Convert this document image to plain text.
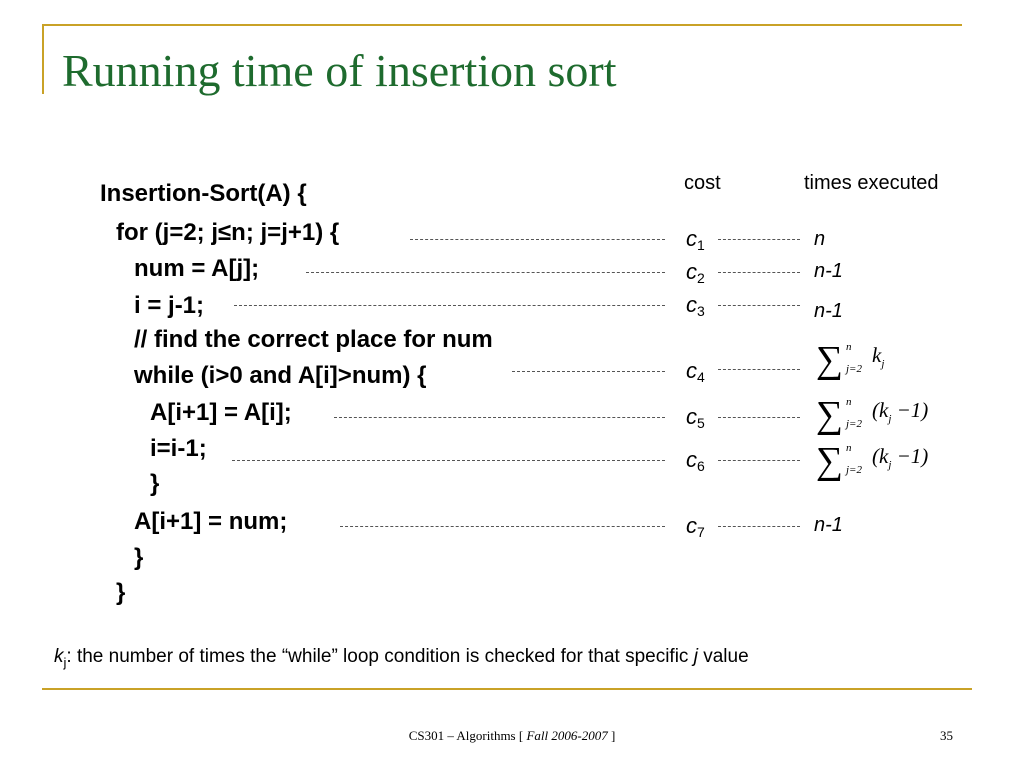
Running time of insertion sort
Insertion-Sort(A) {
for (j=2; j≤n; j=j+1) {
num = A[j];
i = j-1;
// find the correct place for num
while (i>0 and A[i]>num) {
A[i+1] = A[i];
i=i-1;
}
A[i+1] = num;
}
}
cost	times executed
$c_1$
$c_2$
$c_3$
$c_4$
$c_5$
$c_6$
$c_7$
n
n-1
n-1
∑ n
j=2
$k_j$
∑ n
j=2
$(k_j -1)$
∑ n
j=2
$(k_j -1)$
n-1
$k_j$: the number of times the “while” loop condition is checked for that specific j value
CS301 – Algorithms [ Fall 2006-2007 ]	35
